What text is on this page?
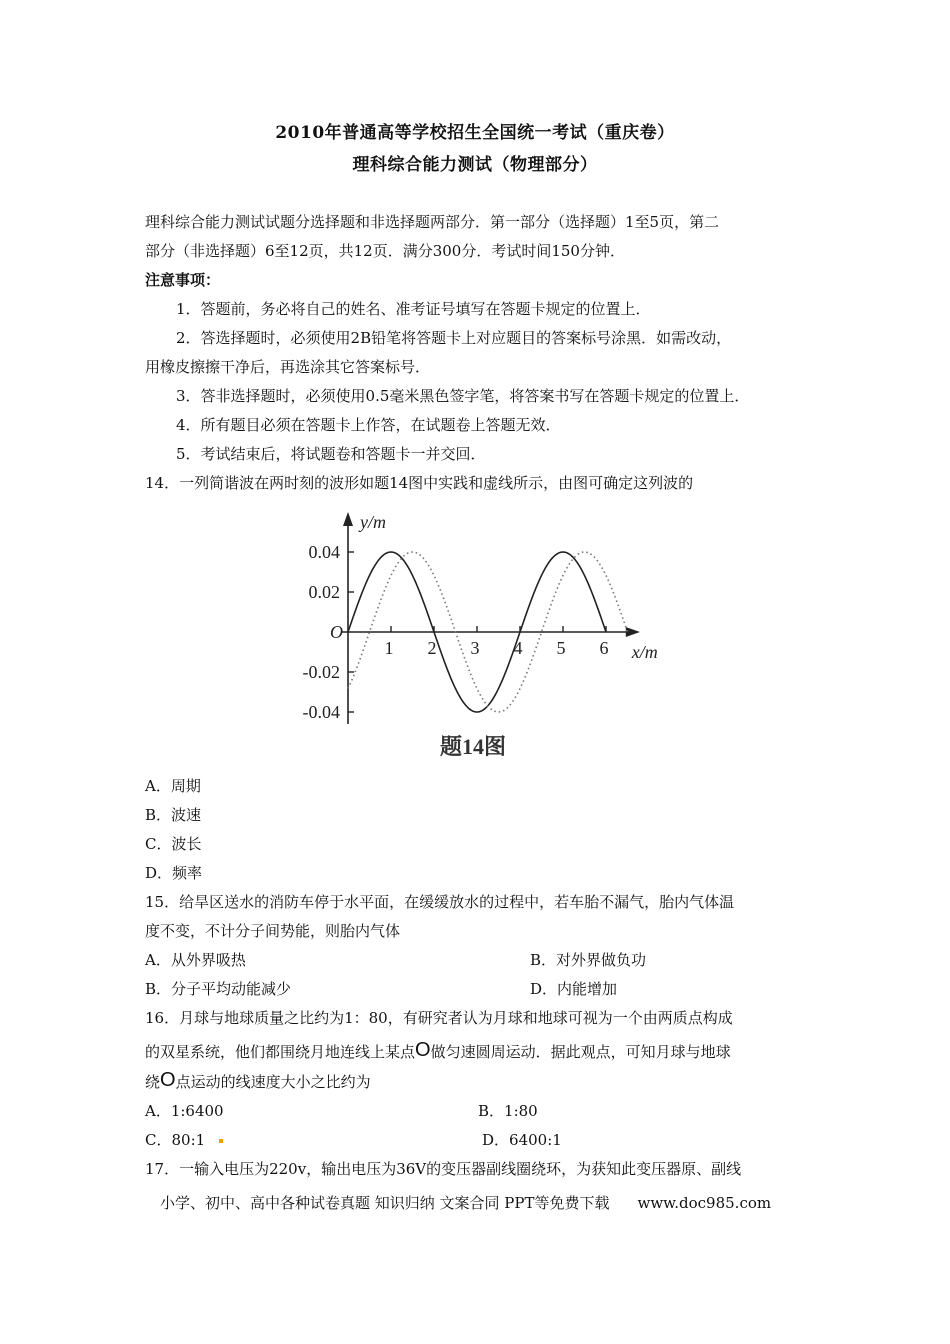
2010年普通高等学校招生全国统一考试（重庆卷）
理科综合能力测试（物理部分）
理科综合能力测试试题分选择题和非选择题两部分．第一部分（选择题）1至5页，第二
部分（非选择题）6至12页，共12页．满分300分．考试时间150分钟．
注意事项：
1．答题前，务必将自己的姓名、准考证号填写在答题卡规定的位置上．
2．答选择题时，必须使用2B铅笔将答题卡上对应题目的答案标号涂黑．如需改动，
用橡皮擦擦干净后，再选涂其它答案标号．
3．答非选择题时，必须使用0.5毫米黑色签字笔，将答案书写在答题卡规定的位置上．
4．所有题目必须在答题卡上作答，在试题卷上答题无效．
5．考试结束后，将试题卷和答题卡一并交回．
14．一列简谐波在两时刻的波形如题14图中实践和虚线所示，由图可确定这列波的
0.04
0.02
-0.02
-0.04
1 2 3 4 5 6
O
y/m
x/m
题14图
A．周期
B．波速
C．波长
D．频率
15．给旱区送水的消防车停于水平面，在缓缓放水的过程中，若车胎不漏气，胎内气体温
度不变，不计分子间势能，则胎内气体
A．从外界吸热	B．对外界做负功
B．分子平均动能减少	D．内能增加
16．月球与地球质量之比约为1：80，有研究者认为月球和地球可视为一个由两质点构成
的双星系统，他们都围绕月地连线上某点O做匀速圆周运动．据此观点，可知月球与地球
绕O点运动的线速度大小之比约为
A．1:6400	B．1:80
C．80:1	D．6400:1
17．一输入电压为220v，输出电压为36V的变压器副线圈绕环，为获知此变压器原、副线
小学、初中、高中各种试卷真题 知识归纳 文案合同 PPT等免费下载 www.doc985.com
